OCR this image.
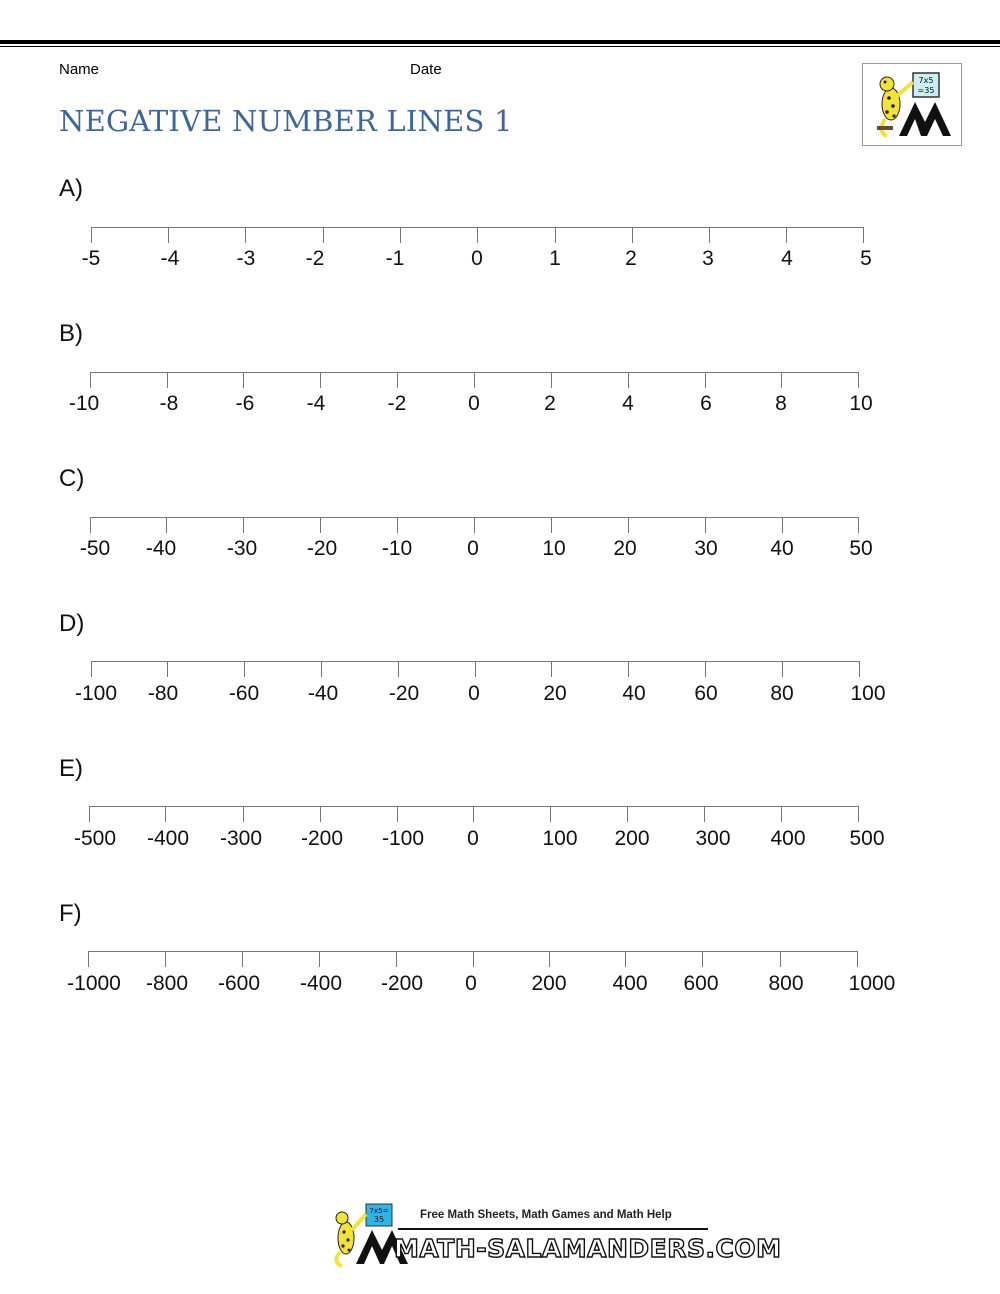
Name	Date
NEGATIVE NUMBER LINES 1
7x5
=35
A)
-5	-4	-3 -2	-1	0	1	2	3	4	5
B)
-10	-8	-6 -4	-2	0	2	4	6	8	10
C)
-50 -40 -30 -20 -10	0	10 20	30	40	50
D)
-100 -80 -60 -40 -20 0	20	40 60	80	100
E)
-500 -400 -300 -200 -100 0	100 200 300 400 500
F)
-1000 -800 -600 -400 -200 0	200 400 600 800 1000
7x5=
35	Free Math Sheets, Math Games and Math Help
MATH-SALAMANDERS.COM
